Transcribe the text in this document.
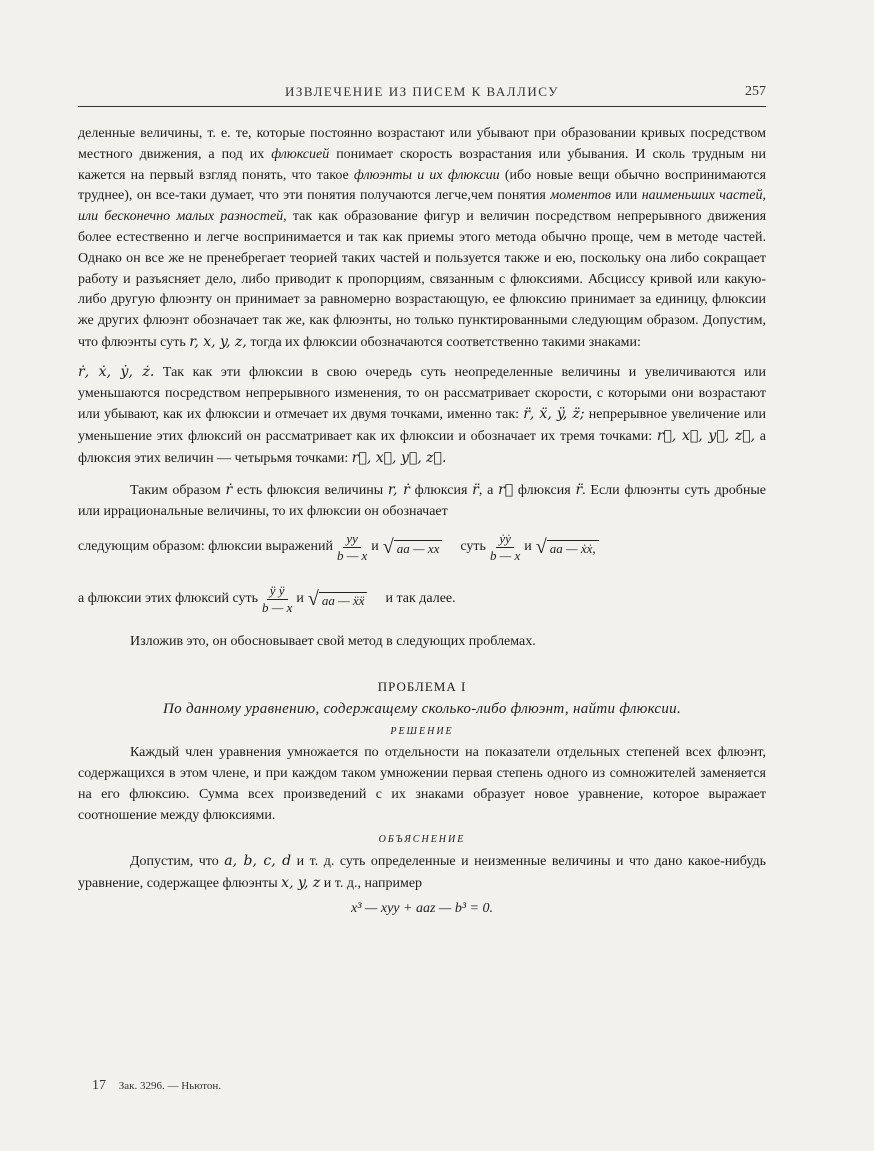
ИЗВЛЕЧЕНИЕ ИЗ ПИСЕМ К ВАЛЛИСУ	257

деленные величины, т. е. те, которые постоянно возрастают или убывают при образовании кривых посредством местного движения, а под их флюксией понимает скорость возрастания или убывания. И сколь трудным ни кажется на первый взгляд понять, что такое флюэнты и их флюксии (ибо новые вещи обычно воспринимаются труднее), он все-таки думает, что эти понятия получаются легче,чем понятия моментов или наименьших частей, или бесконечно малых разностей, так как образование фигур и величин посредством непрерывного движения более естественно и легче воспринимается и так как приемы этого метода обычно проще, чем в методе частей. Однако он все же не пренебрегает теорией таких частей и пользуется также и ею, поскольку она либо сокращает работу и разъясняет дело, либо приводит к пропорциям, связанным с флюксиями. Абсциссу кривой или какую-либо другую флюэнту он принимает за равномерно возрастающую, ее флюксию принимает за единицу, флюксии же других флюэнт обозначает так же, как флюэнты, но только пунктированными следующим образом. Допустим, что флюэнты суть r, x, y, z, тогда их флюксии обозначаются соответственно такими знаками:

ṙ, ẋ, ẏ, ż. Так как эти флюксии в свою очередь суть неопределенные величины и увеличиваются или уменьшаются посредством непрерывного изменения, то он рассматривает скорости, с которыми они возрастают или убывают, как их флюксии и отмечает их двумя точками, именно так: r̈, ẍ, ÿ, z̈; непрерывное увеличение или уменьшение этих флюксий он рассматривает как их флюксии и обозначает их тремя точками: r⃛, x⃛, y⃛, z⃛, а флюксия этих величин — четырьмя точками: r⃜, x⃜, y⃜, z⃜.

Таким образом ṙ есть флюксия величины r, ṙ флюксия r̈, а r⃛ флюксия r̈. Если флюэнты суть дробные или иррациональные величины, то их флюксии он обозначает

следующим образом: флюксии выражений $\frac{yy}{b — x}$ и √ aa — xx суть $\frac{\text{ẏẏ}}{b — x}$ и √ aa — ẋẋ,
а флюксии этих флюксий суть $\frac{\text{ÿ ÿ}}{b — x}$ и √ aa — ẍẍ и так далее.

Изложив это, он обосновывает свой метод в следующих проблемах.

ПРОБЛЕМА I
По данному уравнению, содержащему сколько-либо флюэнт, найти флюксии.
РЕШЕНИЕ

Каждый член уравнения умножается по отдельности на показатели отдельных степеней всех флюэнт, содержащихся в этом члене, и при каждом таком умножении первая степень одного из сомножителей заменяется на его флюксию. Сумма всех произведений с их знаками образует новое уравнение, которое выражает соотношение между флюксиями.

ОБЪЯСНЕНИЕ

Допустим, что a, b, c, d и т. д. суть определенные и неизменные величины и что дано какое-нибудь уравнение, содержащее флюэнты x, y, z и т. д., например

x³ — xyy + aaz — b³ = 0.
17 Зак. 3296. — Ньютон.
